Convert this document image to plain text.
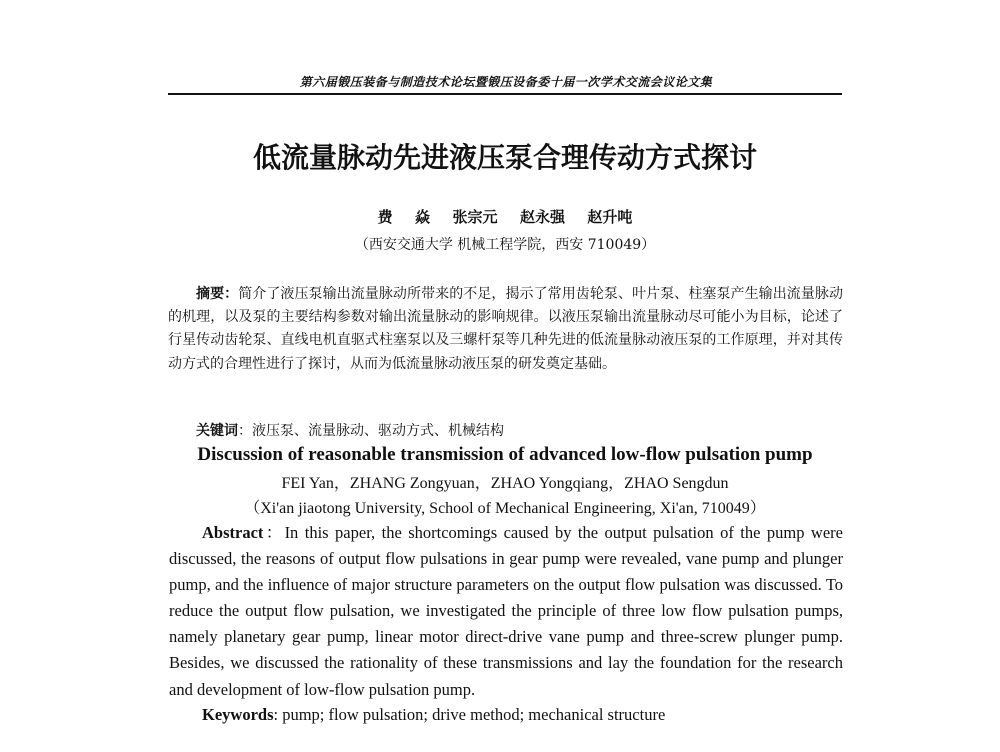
第六届锻压装备与制造技术论坛暨锻压设备委十届一次学术交流会议论文集
低流量脉动先进液压泵合理传动方式探讨
费  焱  张宗元  赵永强  赵升吨
（西安交通大学 机械工程学院，西安 710049）
摘要：简介了液压泵输出流量脉动所带来的不足，揭示了常用齿轮泵、叶片泵、柱塞泵产生输出流量脉动的机理，以及泵的主要结构参数对输出流量脉动的影响规律。以液压泵输出流量脉动尽可能小为目标，论述了行星传动齿轮泵、直线电机直驱式柱塞泵以及三螺杆泵等几种先进的低流量脉动液压泵的工作原理，并对其传动方式的合理性进行了探讨，从而为低流量脉动液压泵的研发奠定基础。
关键词：液压泵、流量脉动、驱动方式、机械结构
Discussion of reasonable transmission of advanced low-flow pulsation pump
FEI Yan，ZHANG Zongyuan，ZHAO Yongqiang，ZHAO Sengdun
（Xi'an jiaotong University, School of Mechanical Engineering, Xi'an, 710049）
Abstract：In this paper, the shortcomings caused by the output pulsation of the pump were discussed, the reasons of output flow pulsations in gear pump were revealed, vane pump and plunger pump, and the influence of major structure parameters on the output flow pulsation was discussed. To reduce the output flow pulsation, we investigated the principle of three low flow pulsation pumps, namely planetary gear pump, linear motor direct-drive vane pump and three-screw plunger pump. Besides, we discussed the rationality of these transmissions and lay the foundation for the research and development of low-flow pulsation pump.
Keywords: pump; flow pulsation; drive method; mechanical structure
